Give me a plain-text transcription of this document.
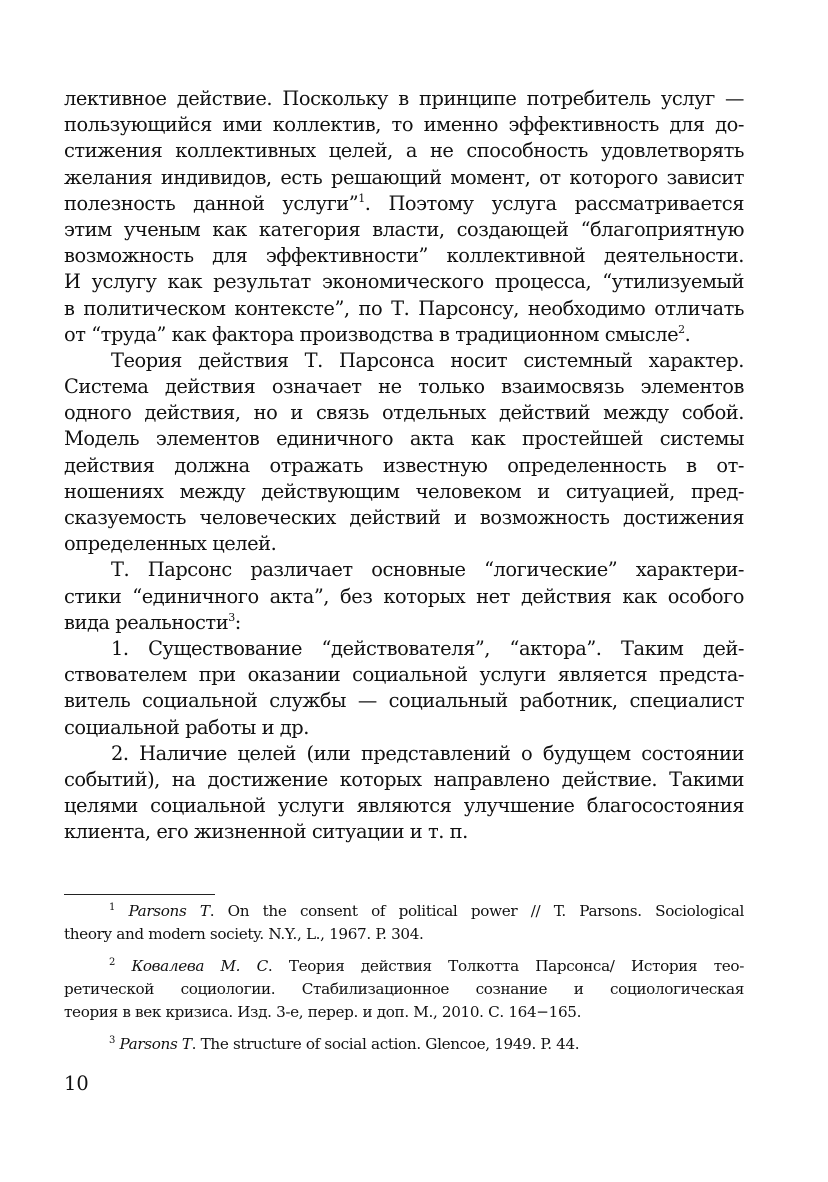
лективное действие. Поскольку в принципе потребитель услуг —
пользующийся ими коллектив, то именно эффективность для до-
стижения коллективных целей, а не способность удовлетворять
желания индивидов, есть решающий момент, от которого зависит
полезность данной услуги”$^1$. Поэтому услуга рассматривается
этим ученым как категория власти, создающей “благоприятную
возможность для эффективности” коллективной деятельности.
И услугу как результат экономического процесса, “утилизуемый
в политическом контексте”, по Т. Парсонсу, необходимо отличать
от “труда” как фактора производства в традиционном смысле$^2$.
Теория действия Т. Парсонса носит системный характер.
Система действия означает не только взаимосвязь элементов
одного действия, но и связь отдельных действий между собой.
Модель элементов единичного акта как простейшей системы
действия должна отражать известную определенность в от-
ношениях между действующим человеком и ситуацией, пред-
сказуемость человеческих действий и возможность достижения
определенных целей.
Т. Парсонс различает основные “логические” характери-
стики “единичного акта”, без которых нет действия как особого
вида реальности$^3$:
1. Существование “действователя”, “актора”. Таким дей-
ствователем при оказании социальной услуги является предста-
витель социальной службы — социальный работник, специалист
социальной работы и др.
2. Наличие целей (или представлений о будущем состоянии
событий), на достижение которых направлено действие. Такими
целями социальной услуги являются улучшение благосостояния
клиента, его жизненной ситуации и т. п.
$^1$ Parsons T. On the consent of political power // T. Parsons. Sociological
theory and modern society. N.Y., L., 1967. P. 304.
$^2$ Ковалева М. С. Теория действия Толкотта Парсонса/ История тео-
ретической социологии. Стабилизационное сознание и социологическая
теория в век кризиса. Изд. 3-е, перер. и доп. М., 2010. С. 164−165.
$^3$ Parsons T. The structure of social action. Glencoe, 1949. P. 44.
10
